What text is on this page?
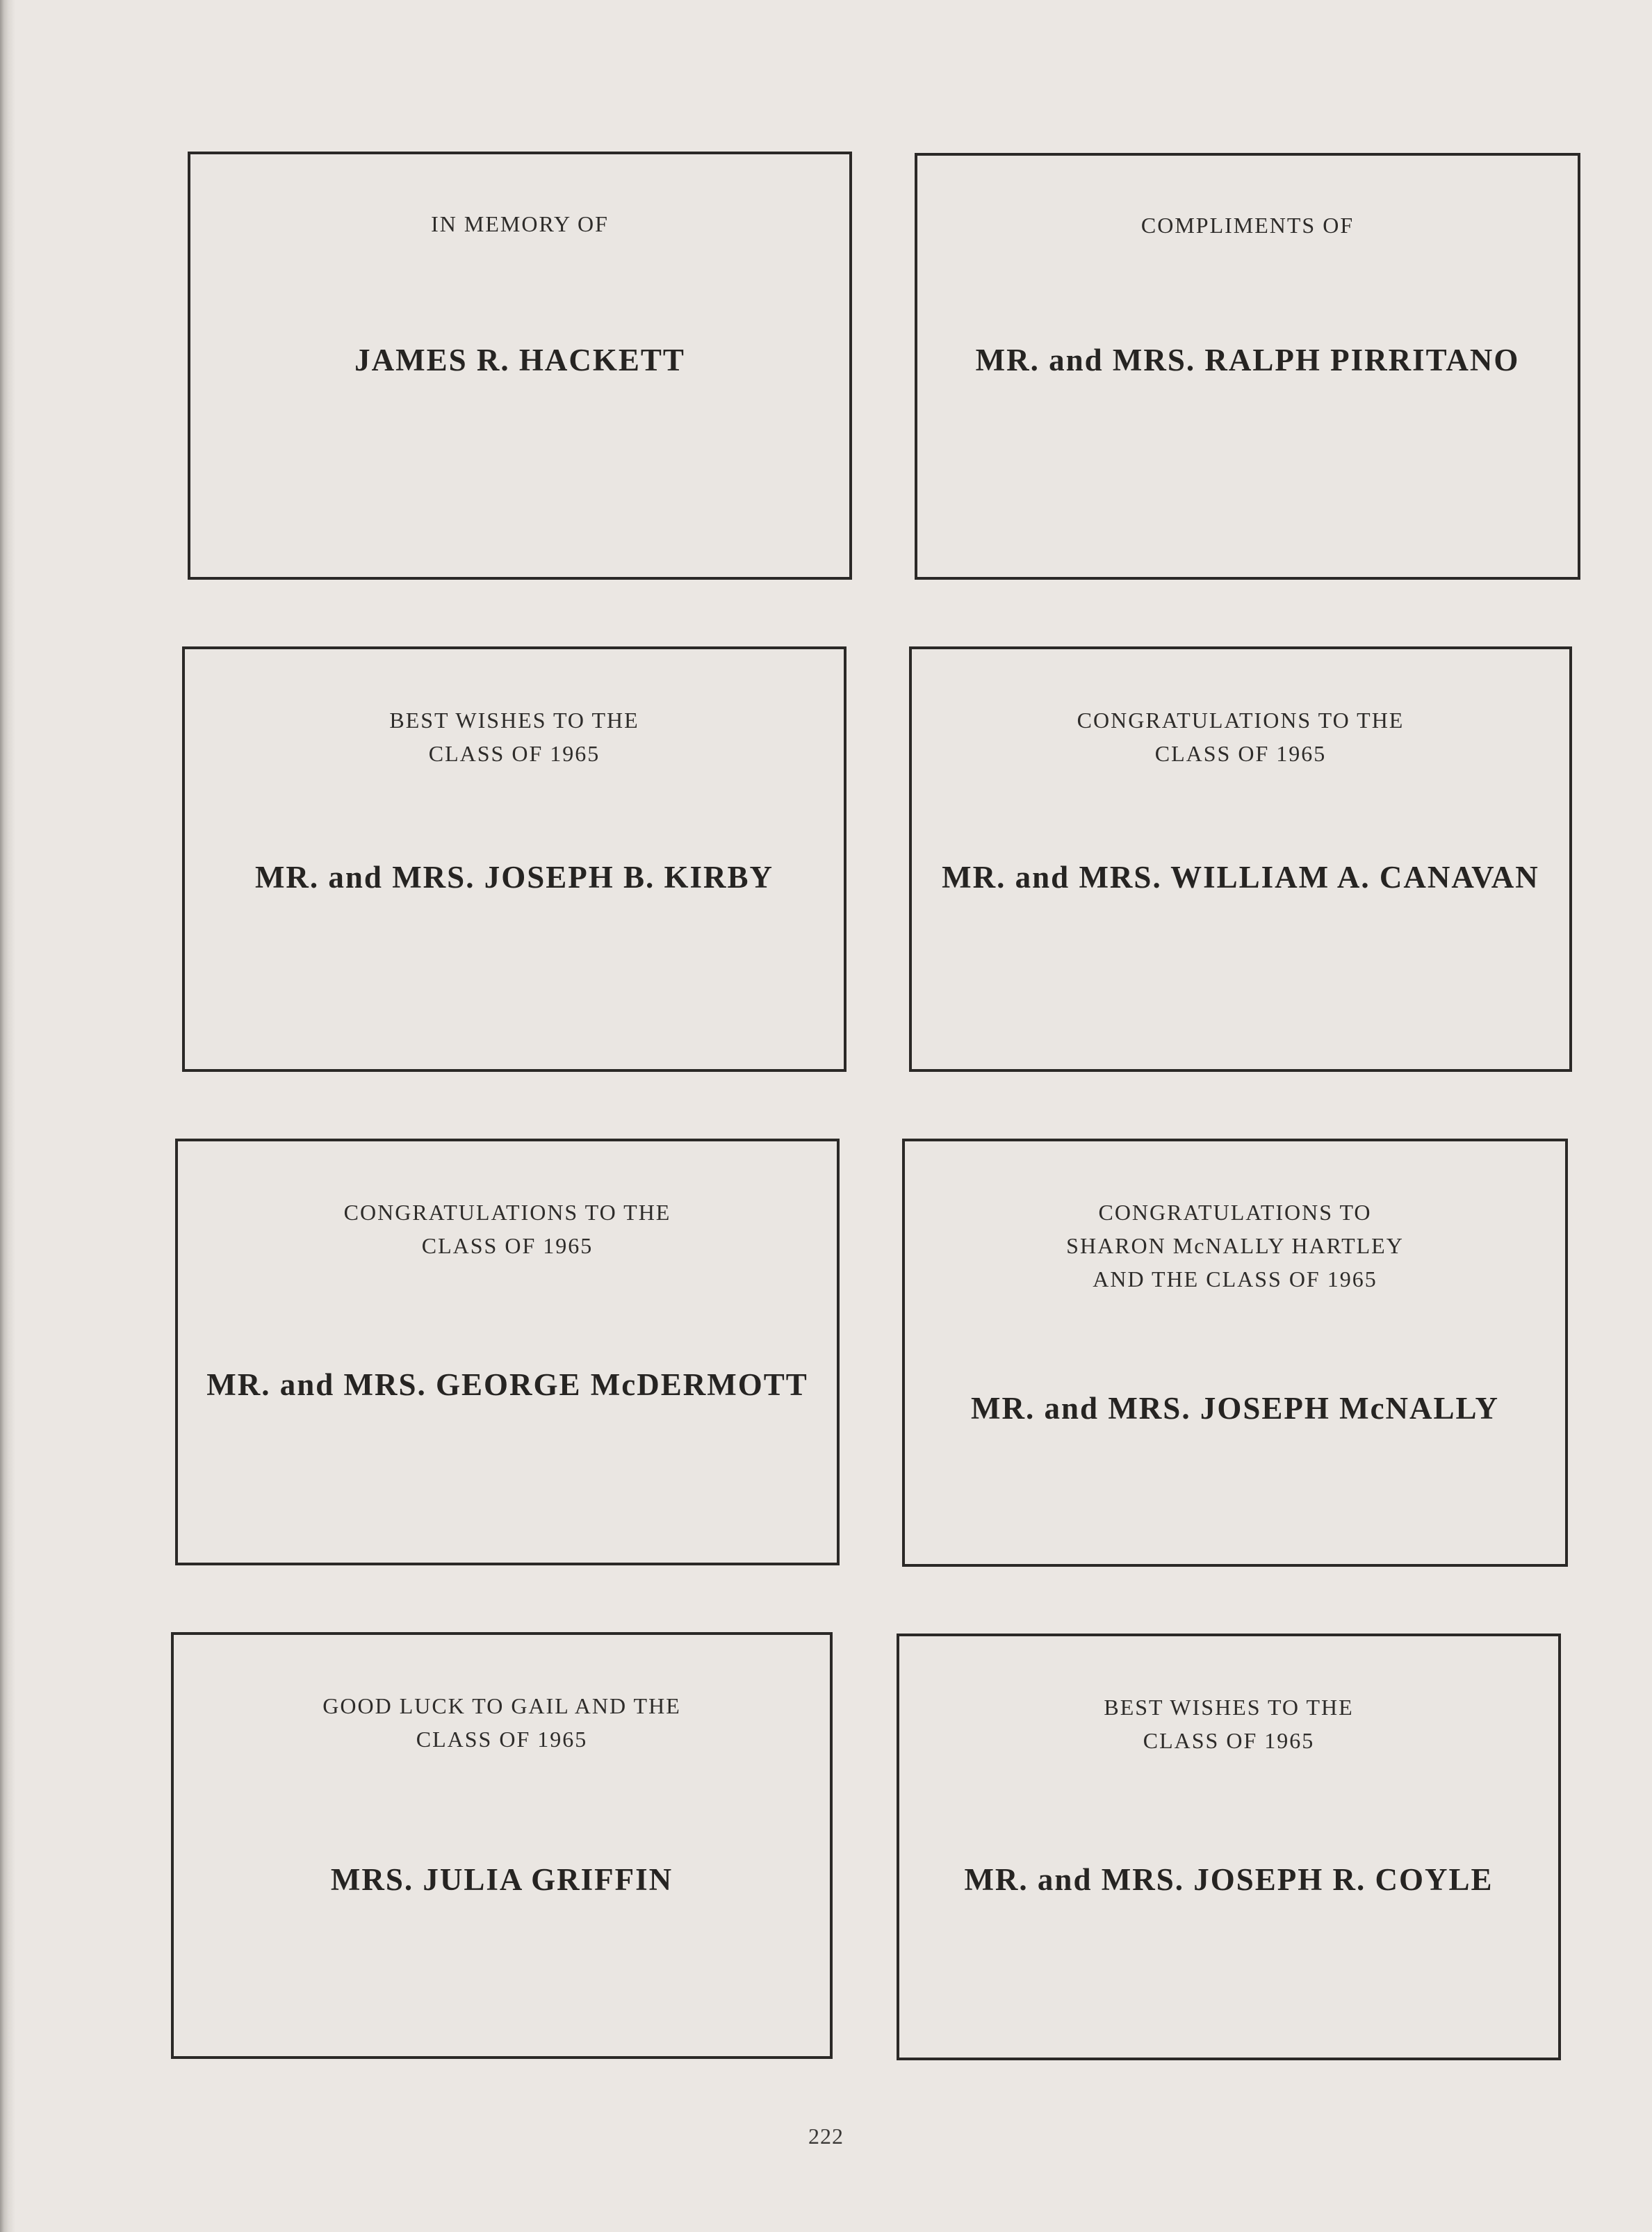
IN MEMORY OF
JAMES R. HACKETT
COMPLIMENTS OF
MR. and MRS. RALPH PIRRITANO
BEST WISHES TO THE
CLASS OF 1965
MR. and MRS. JOSEPH B. KIRBY
CONGRATULATIONS TO THE
CLASS OF 1965
MR. and MRS. WILLIAM A. CANAVAN
CONGRATULATIONS TO THE
CLASS OF 1965
MR. and MRS. GEORGE McDERMOTT
CONGRATULATIONS TO
SHARON McNALLY HARTLEY
AND THE CLASS OF 1965
MR. and MRS. JOSEPH McNALLY
GOOD LUCK TO GAIL AND THE
CLASS OF 1965
MRS. JULIA GRIFFIN
BEST WISHES TO THE
CLASS OF 1965
MR. and MRS. JOSEPH R. COYLE
222
